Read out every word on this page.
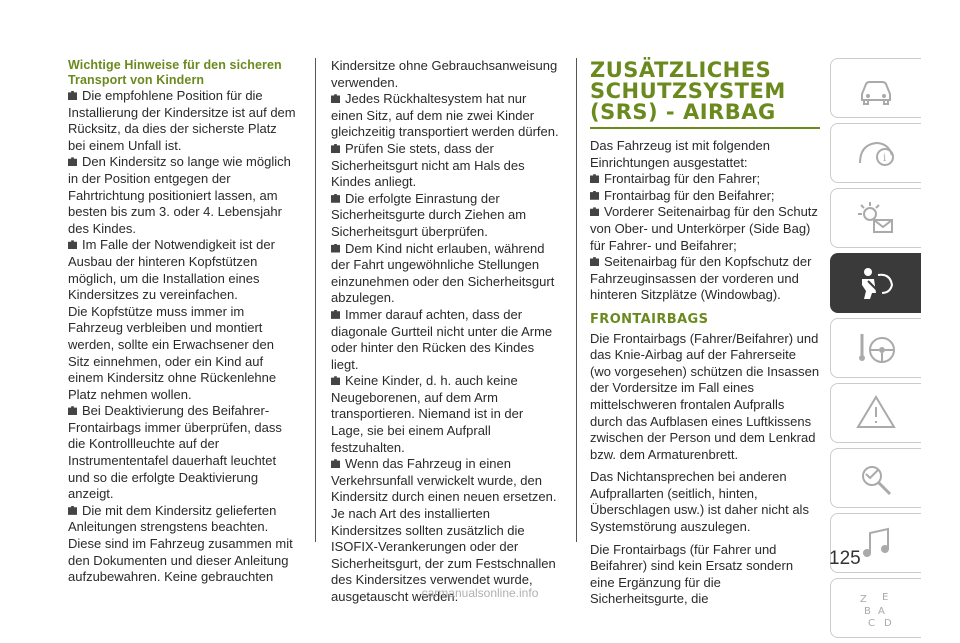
Wichtige Hinweise für den sicheren Transport von Kindern

Die empfohlene Position für die Installierung der Kindersitze ist auf dem Rücksitz, da dies der sicherste Platz bei einem Unfall ist.

Den Kindersitz so lange wie möglich in der Position entgegen der Fahrtrichtung positioniert lassen, am besten bis zum 3. oder 4. Lebensjahr des Kindes.

Im Falle der Notwendigkeit ist der Ausbau der hinteren Kopfstützen möglich, um die Installation eines Kindersitzes zu vereinfachen.

Die Kopfstütze muss immer im Fahrzeug verbleiben und montiert werden, sollte ein Erwachsener den Sitz einnehmen, oder ein Kind auf einem Kindersitz ohne Rückenlehne Platz nehmen wollen.

Bei Deaktivierung des Beifahrer-Frontairbags immer überprüfen, dass die Kontrollleuchte auf der Instrumententafel dauerhaft leuchtet und so die erfolgte Deaktivierung anzeigt.

Die mit dem Kindersitz gelieferten Anleitungen strengstens beachten. Diese sind im Fahrzeug zusammen mit den Dokumenten und dieser Anleitung aufzubewahren. Keine gebrauchten

Kindersitze ohne Gebrauchsanweisung verwenden.

Jedes Rückhaltesystem hat nur einen Sitz, auf dem nie zwei Kinder gleichzeitig transportiert werden dürfen.

Prüfen Sie stets, dass der Sicherheitsgurt nicht am Hals des Kindes anliegt.

Die erfolgte Einrastung der Sicherheitsgurte durch Ziehen am Sicherheitsgurt überprüfen.

Dem Kind nicht erlauben, während der Fahrt ungewöhnliche Stellungen einzunehmen oder den Sicherheitsgurt abzulegen.

Immer darauf achten, dass der diagonale Gurtteil nicht unter die Arme oder hinter den Rücken des Kindes liegt.

Keine Kinder, d. h. auch keine Neugeborenen, auf dem Arm transportieren. Niemand ist in der Lage, sie bei einem Aufprall festzuhalten.

Wenn das Fahrzeug in einen Verkehrsunfall verwickelt wurde, den Kindersitz durch einen neuen ersetzen. Je nach Art des installierten Kindersitzes sollten zusätzlich die ISOFIX-Verankerungen oder der Sicherheitsgurt, der zum Festschnallen des Kindersitzes verwendet wurde, ausgetauscht werden.

ZUSÄTZLICHES SCHUTZSYSTEM (SRS) - AIRBAG

Das Fahrzeug ist mit folgenden Einrichtungen ausgestattet:

Frontairbag für den Fahrer;

Frontairbag für den Beifahrer;

Vorderer Seitenairbag für den Schutz von Ober- und Unterkörper (Side Bag) für Fahrer- und Beifahrer;

Seitenairbag für den Kopfschutz der Fahrzeuginsassen der vorderen und hinteren Sitzplätze (Windowbag).

FRONTAIRBAGS

Die Frontairbags (Fahrer/Beifahrer) und das Knie-Airbag auf der Fahrerseite (wo vorgesehen) schützen die Insassen der Vordersitze im Fall eines mittelschweren frontalen Aufpralls durch das Aufblasen eines Luftkissens zwischen der Person und dem Lenkrad bzw. dem Armaturenbrett.

Das Nichtansprechen bei anderen Aufprallarten (seitlich, hinten, Überschlagen usw.) ist daher nicht als Systemstörung auszulegen.

Die Frontairbags (für Fahrer und Beifahrer) sind kein Ersatz sondern eine Ergänzung für die Sicherheitsgurte, die

i
Z E
B A
C D
125
carmanualsonline.info
